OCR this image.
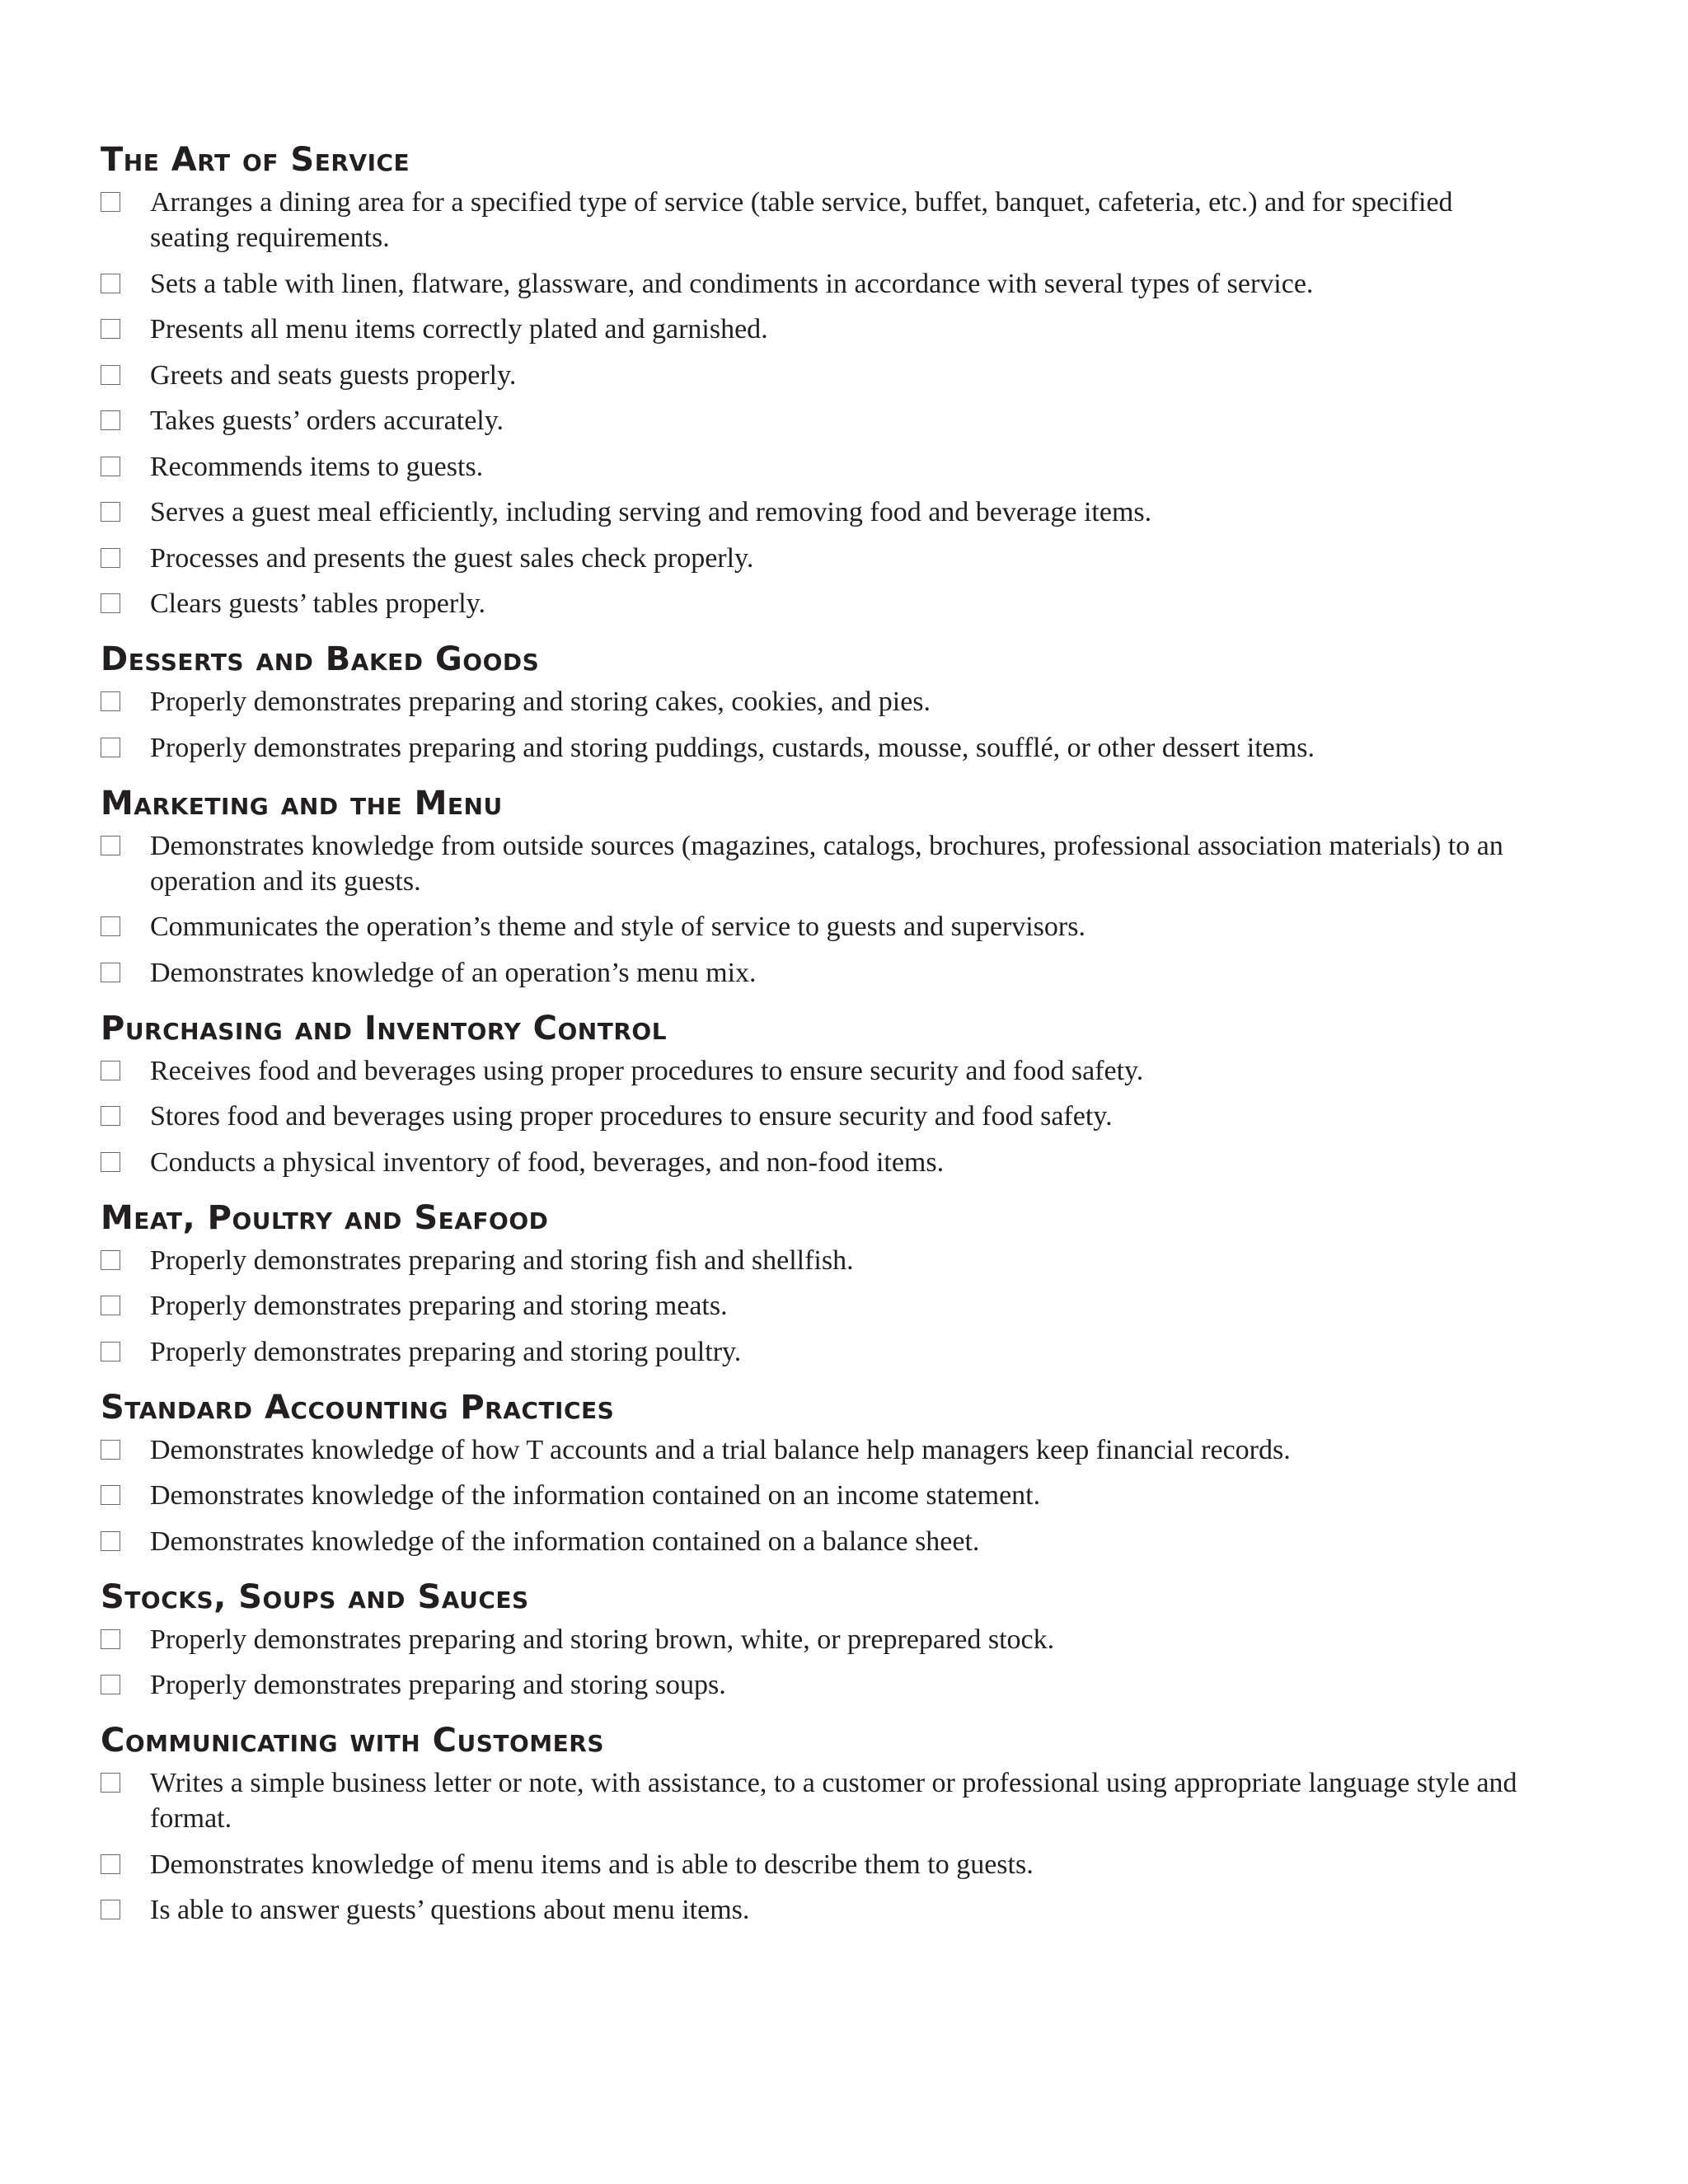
The Art of Service
Arranges a dining area for a specified type of service (table service, buffet, banquet, cafeteria, etc.) and for specified seating requirements.
Sets a table with linen, flatware, glassware, and condiments in accordance with several types of service.
Presents all menu items correctly plated and garnished.
Greets and seats guests properly.
Takes guests’ orders accurately.
Recommends items to guests.
Serves a guest meal efficiently, including serving and removing food and beverage items.
Processes and presents the guest sales check properly.
Clears guests’ tables properly.
Desserts and Baked Goods
Properly demonstrates preparing and storing cakes, cookies, and pies.
Properly demonstrates preparing and storing puddings, custards, mousse, soufflé, or other dessert items.
Marketing and the Menu
Demonstrates knowledge from outside sources (magazines, catalogs, brochures, professional association materials) to an operation and its guests.
Communicates the operation’s theme and style of service to guests and supervisors.
Demonstrates knowledge of an operation’s menu mix.
Purchasing and Inventory Control
Receives food and beverages using proper procedures to ensure security and food safety.
Stores food and beverages using proper procedures to ensure security and food safety.
Conducts a physical inventory of food, beverages, and non-food items.
Meat, Poultry and Seafood
Properly demonstrates preparing and storing fish and shellfish.
Properly demonstrates preparing and storing meats.
Properly demonstrates preparing and storing poultry.
Standard Accounting Practices
Demonstrates knowledge of how T accounts and a trial balance help managers keep financial records.
Demonstrates knowledge of the information contained on an income statement.
Demonstrates knowledge of the information contained on a balance sheet.
Stocks, Soups and Sauces
Properly demonstrates preparing and storing brown, white, or preprepared stock.
Properly demonstrates preparing and storing soups.
Communicating with Customers
Writes a simple business letter or note, with assistance, to a customer or professional using appropriate language style and format.
Demonstrates knowledge of menu items and is able to describe them to guests.
Is able to answer guests’ questions about menu items.
